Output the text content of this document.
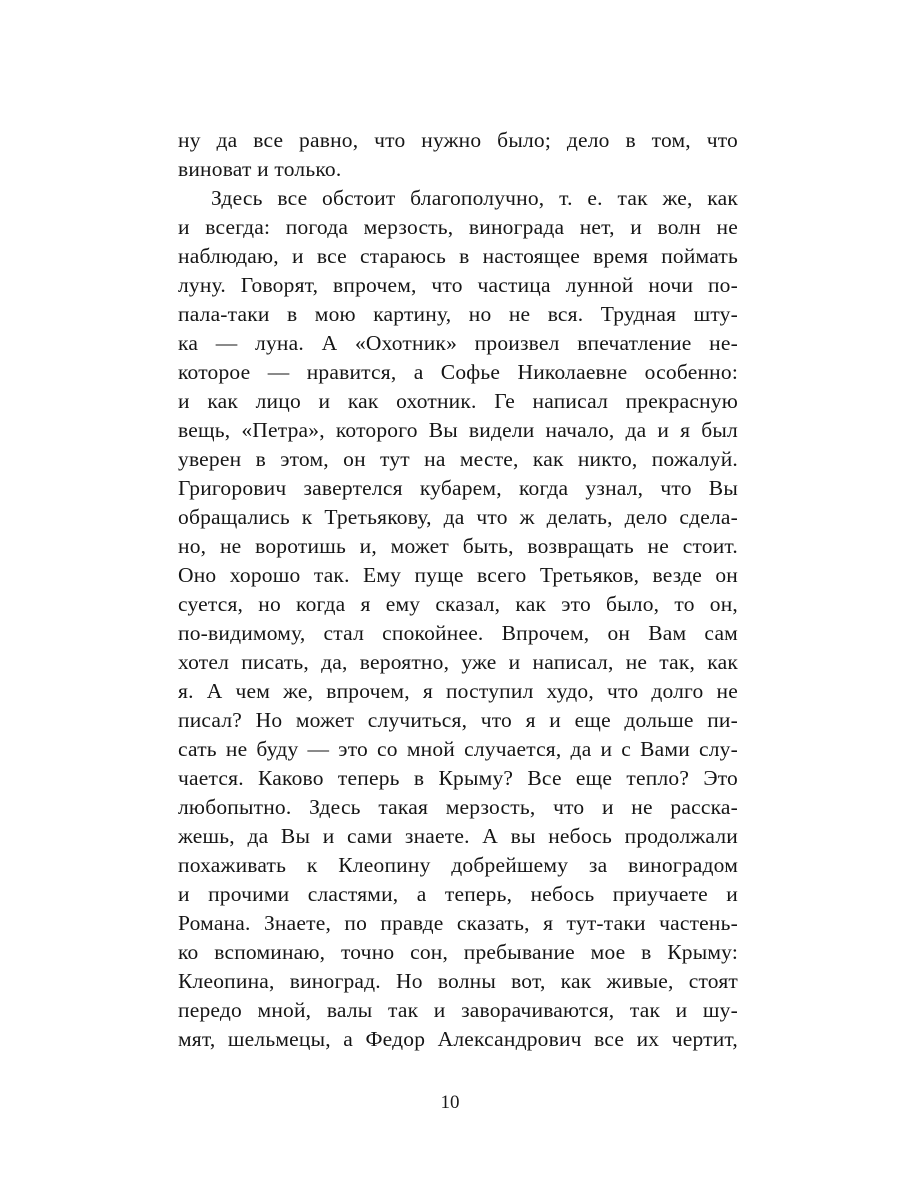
ну да все равно, что нужно было; дело в том, что
виноват и только.
Здесь все обстоит благополучно, т. е. так же, как
и всегда: погода мерзость, винограда нет, и волн не
наблюдаю, и все стараюсь в настоящее время поймать
луну. Говорят, впрочем, что частица лунной ночи по-
пала-таки в мою картину, но не вся. Трудная шту-
ка — луна. А «Охотник» произвел впечатление не-
которое — нравится, а Софье Николаевне особенно:
и как лицо и как охотник. Ге написал прекрасную
вещь, «Петра», которого Вы видели начало, да и я был
уверен в этом, он тут на месте, как никто, пожалуй.
Григорович завертелся кубарем, когда узнал, что Вы
обращались к Третьякову, да что ж делать, дело сдела-
но, не воротишь и, может быть, возвращать не стоит.
Оно хорошо так. Ему пуще всего Третьяков, везде он
суется, но когда я ему сказал, как это было, то он,
по-видимому, стал спокойнее. Впрочем, он Вам сам
хотел писать, да, вероятно, уже и написал, не так, как
я. А чем же, впрочем, я поступил худо, что долго не
писал? Но может случиться, что я и еще дольше пи-
сать не буду — это со мной случается, да и с Вами слу-
чается. Каково теперь в Крыму? Все еще тепло? Это
любопытно. Здесь такая мерзость, что и не расска-
жешь, да Вы и сами знаете. А вы небось продолжали
похаживать к Клеопину добрейшему за виноградом
и прочими сластями, а теперь, небось приучаете и
Романа. Знаете, по правде сказать, я тут-таки частень-
ко вспоминаю, точно сон, пребывание мое в Крыму:
Клеопина, виноград. Но волны вот, как живые, стоят
передо мной, валы так и заворачиваются, так и шу-
мят, шельмецы, а Федор Александрович все их чертит,
10
